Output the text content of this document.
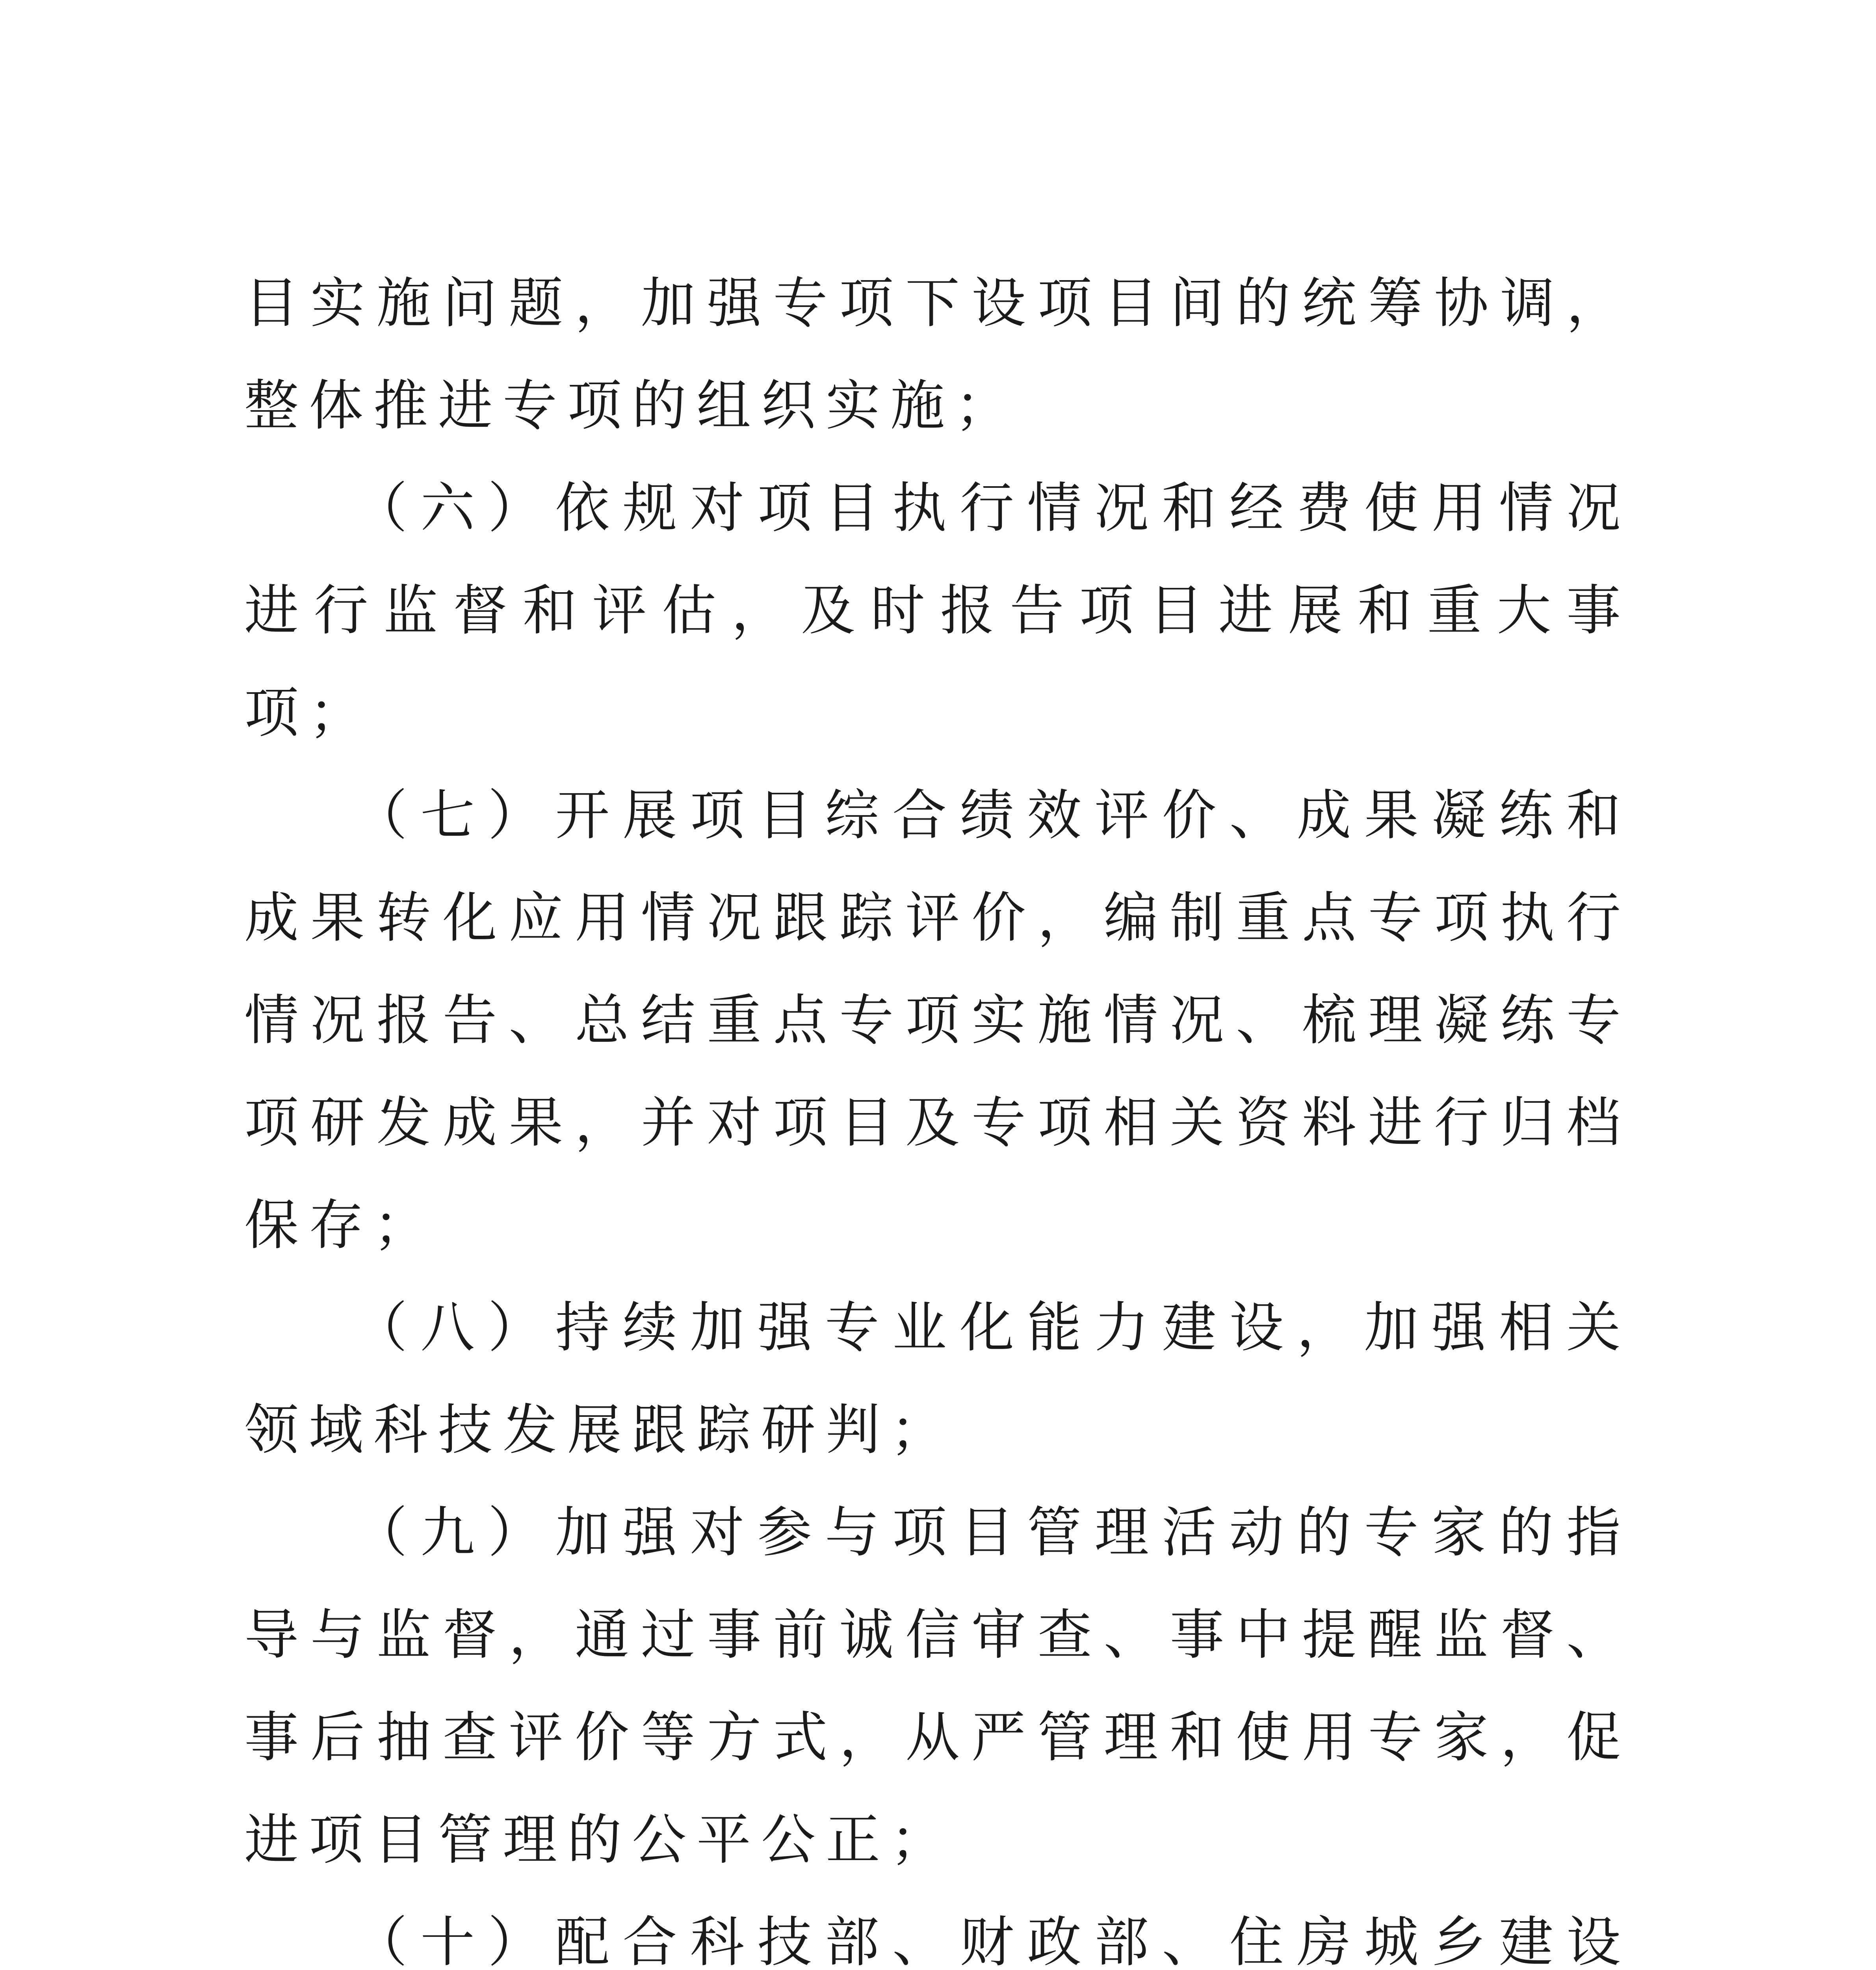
目实施问题，加强专项下设项目间的统筹协调，整体推进专项的组织实施；

（六）依规对项目执行情况和经费使用情况进行监督和评估，及时报告项目进展和重大事项；

（七）开展项目综合绩效评价、成果凝练和成果转化应用情况跟踪评价，编制重点专项执行情况报告、总结重点专项实施情况、梳理凝练专项研发成果，并对项目及专项相关资料进行归档保存；

（八）持续加强专业化能力建设，加强相关领域科技发展跟踪研判；

（九）加强对参与项目管理活动的专家的指导与监督，通过事前诚信审查、事中提醒监督、事后抽查评价等方式，从严管理和使用专家，促进项目管理的公平公正；

（十）配合科技部、财政部、住房城乡建设
